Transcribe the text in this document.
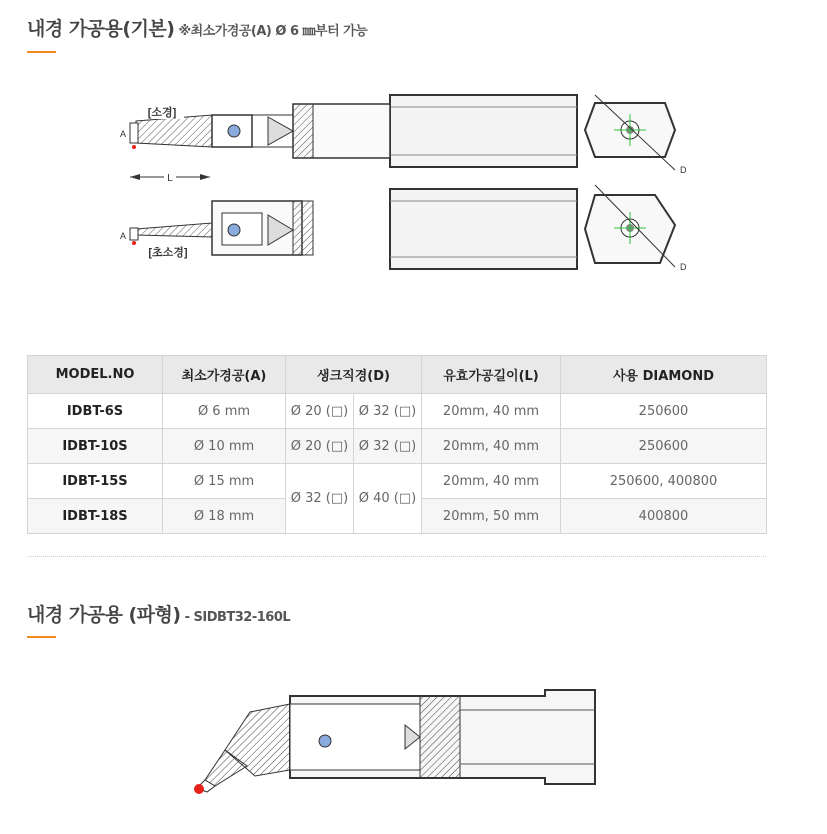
내경 가공용(기본) ※최소가경공(A) Ø 6 ㎜부터 가능
[소경]
A
L
D
A
[초소경]
D
MODEL.NO	최소가경공(A)	생크직경(D)		유효가공길이(L)	사용 DIAMOND
IDBT-6S	Ø 6 mm	Ø 20 (□)	Ø 32 (□)	20mm, 40 mm	250600
IDBT-10S	Ø 10 mm	Ø 20 (□)	Ø 32 (□)	20mm, 40 mm	250600
IDBT-15S	Ø 15 mm	Ø 32 (□)	Ø 40 (□)	20mm, 40 mm	250600, 400800
IDBT-18S	Ø 18 mm			20mm, 50 mm	400800
내경 가공용 (파형) - SIDBT32-160L
